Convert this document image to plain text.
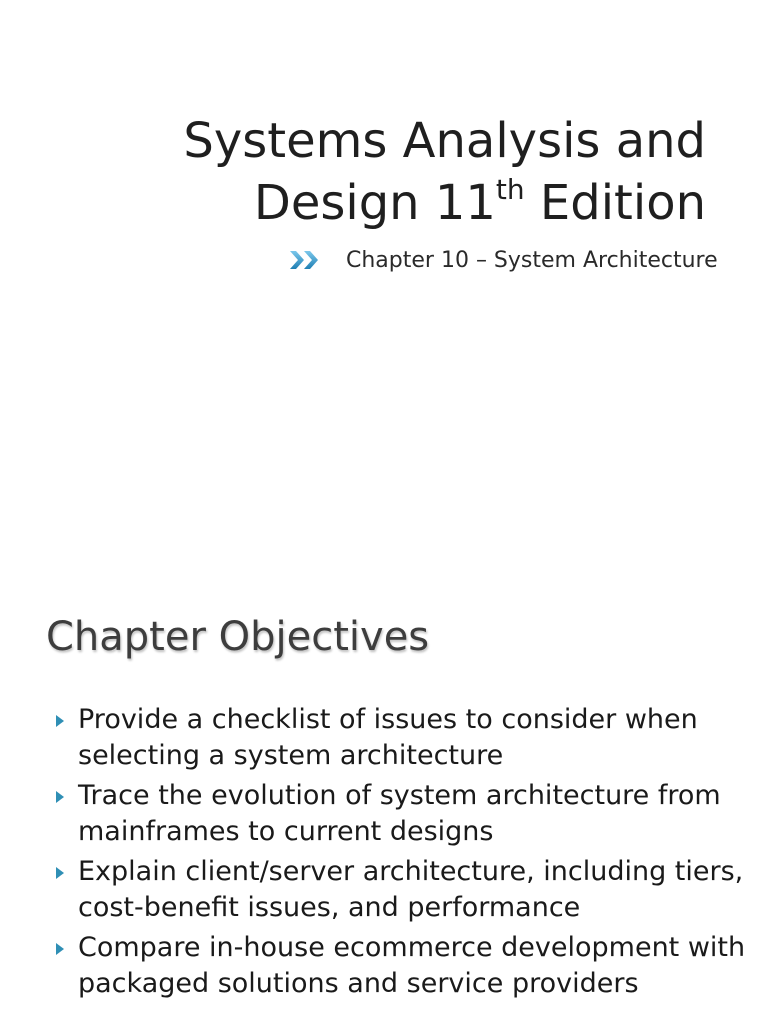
Systems Analysis and
Design 11th Edition
Chapter 10 – System Architecture
Chapter Objectives
Provide a checklist of issues to consider when selecting a system architecture
Trace the evolution of system architecture from mainframes to current designs
Explain client/server architecture, including tiers, cost-benefit issues, and performance
Compare in-house ecommerce development with packaged solutions and service providers
